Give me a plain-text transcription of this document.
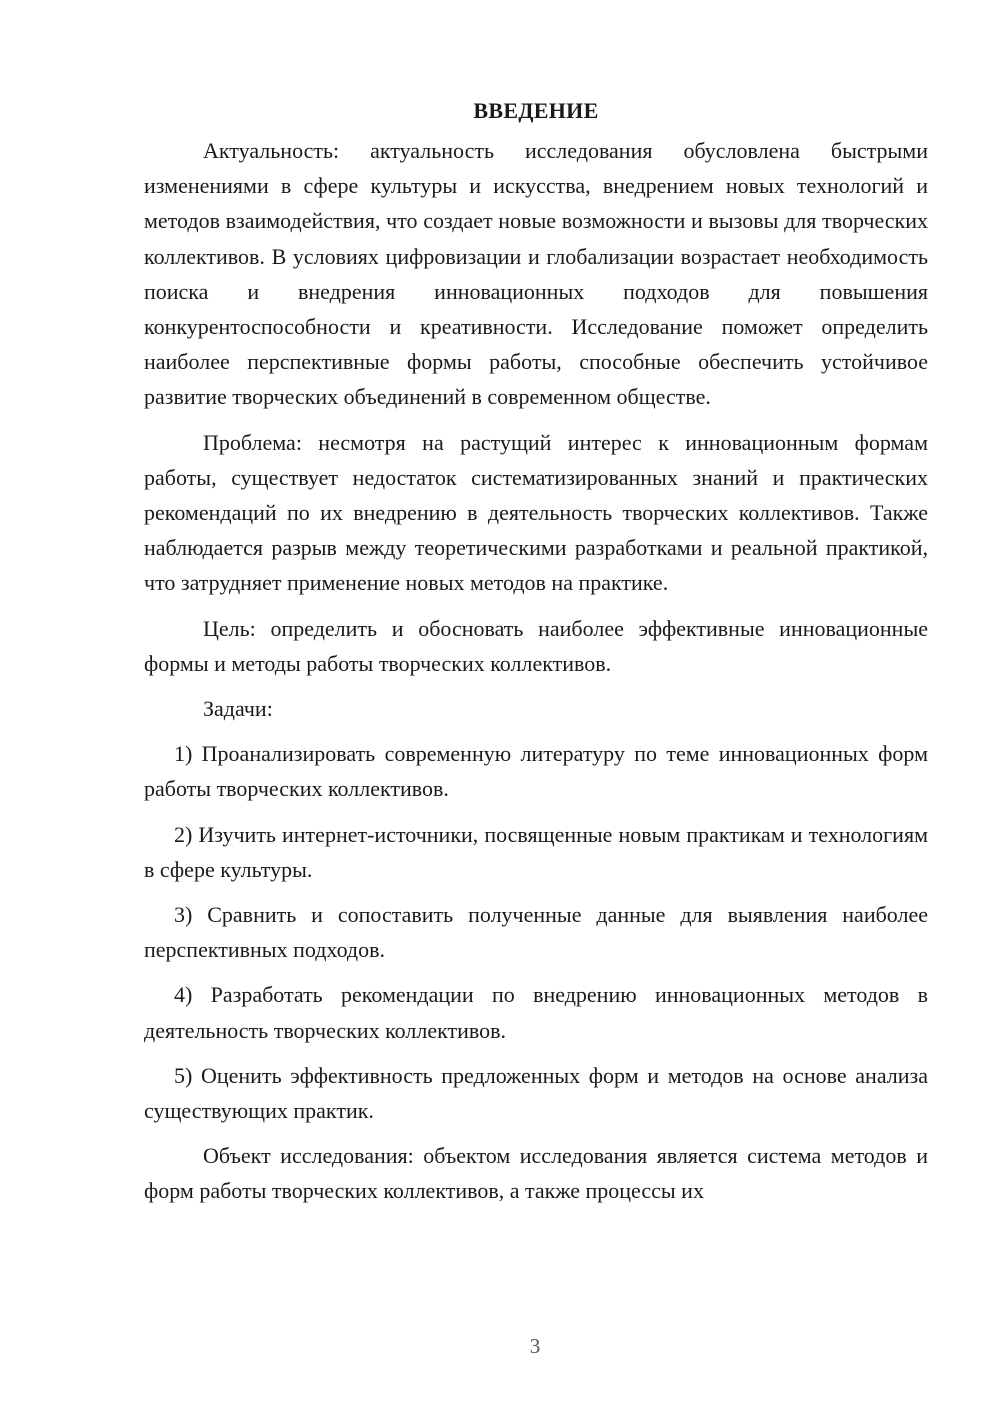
ВВЕДЕНИЕ

Актуальность: актуальность исследования обусловлена быстрыми изменениями в сфере культуры и искусства, внедрением новых технологий и методов взаимодействия, что создает новые возможности и вызовы для творческих коллективов. В условиях цифровизации и глобализации возрастает необходимость поиска и внедрения инновационных подходов для повышения конкурентоспособности и креативности. Исследование поможет определить наиболее перспективные формы работы, способные обеспечить устойчивое развитие творческих объединений в современном обществе.

Проблема: несмотря на растущий интерес к инновационным формам работы, существует недостаток систематизированных знаний и практических рекомендаций по их внедрению в деятельность творческих коллективов. Также наблюдается разрыв между теоретическими разработками и реальной практикой, что затрудняет применение новых методов на практике.

Цель: определить и обосновать наиболее эффективные инновационные формы и методы работы творческих коллективов.

Задачи:

1) Проанализировать современную литературу по теме инновационных форм работы творческих коллективов.

2) Изучить интернет-источники, посвященные новым практикам и технологиям в сфере культуры.

3) Сравнить и сопоставить полученные данные для выявления наиболее перспективных подходов.

4) Разработать рекомендации по внедрению инновационных методов в деятельность творческих коллективов.

5) Оценить эффективность предложенных форм и методов на основе анализа существующих практик.

Объект исследования: объектом исследования является система методов и форм работы творческих коллективов, а также процессы их

3
